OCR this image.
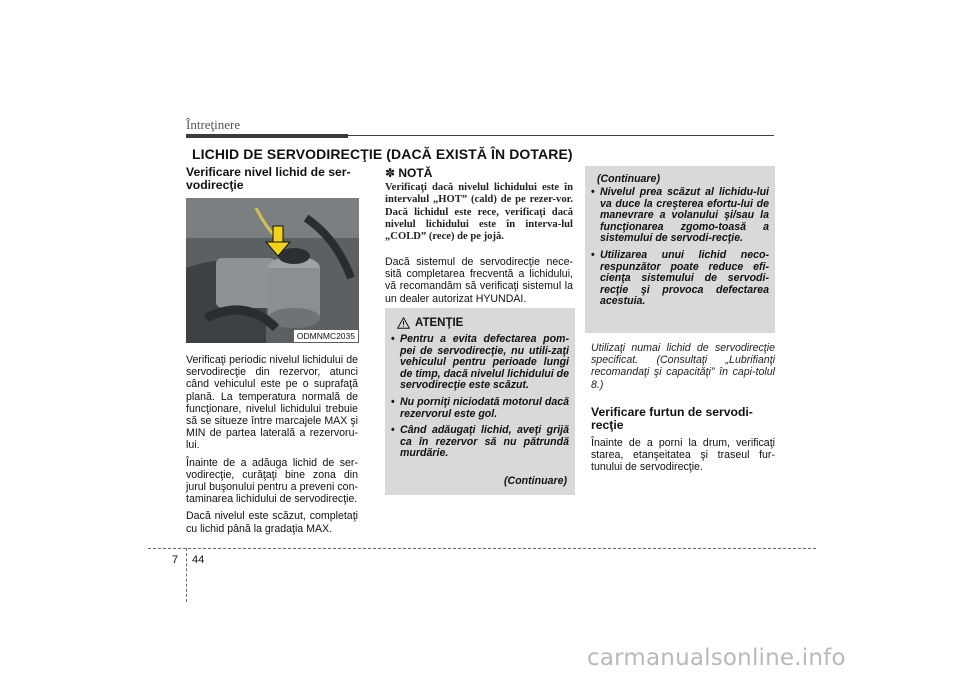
Întreţinere
LICHID DE SERVODIRECŢIE (DACĂ EXISTĂ ÎN DOTARE)
Verificare nivel lichid de ser-vodirecţie
ODMNMC2035

Verificaţi periodic nivelul lichidului de servodirecţie din rezervor, atunci când vehiculul este pe o suprafaţă plană. La temperatura normală de funcţionare, nivelul lichidului trebuie să se situeze între marcajele MAX şi MIN de partea laterală a rezervoru-lui.

Înainte de a adăuga lichid de ser-vodirecţie, curăţaţi bine zona din jurul buşonului pentru a preveni con-taminarea lichidului de servodirecţie.

Dacă nivelul este scăzut, completaţi cu lichid până la gradaţia MAX.

✽ NOTĂ
Verificaţi dacă nivelul lichidului este în intervalul „HOT” (cald) de pe rezer-vor. Dacă lichidul este rece, verificaţi dacă nivelul lichidului este în interva-lul „COLD” (rece) de pe jojă.
Dacă sistemul de servodirecţie nece-sită completarea frecventă a lichidului, vă recomandăm să verificaţi sistemul la un dealer autorizat HYUNDAI.
ATENŢIE
• Pentru a evita defectarea pom-pei de servodirecţie, nu utili-zaţi vehiculul pentru perioade lungi de timp, dacă nivelul lichidului de servodirecţie este scăzut.
• Nu porniţi niciodată motorul dacă rezervorul este gol.
• Când adăugaţi lichid, aveţi grijă ca în rezervor să nu pătrundă murdărie.
(Continuare)
(Continuare)
• Nivelul prea scăzut al lichidu-lui va duce la creşterea efortu-lui de manevrare a volanului şi/sau la funcţionarea zgomo-toasă a sistemului de servodi-recţie.
• Utilizarea unui lichid neco-respunzător poate reduce efi-cienţa sistemului de servodi-recţie şi provoca defectarea acestuia.
Utilizaţi numai lichid de servodirecţie specificat. (Consultaţi „Lubrifianţi recomandaţi şi capacităţi” în capi-tolul 8.)
Verificare furtun de servodi-recţie
Înainte de a porni la drum, verificaţi starea, etanşeitatea şi traseul fur-tunului de servodirecţie.
7 44
carmanualsonline.info
